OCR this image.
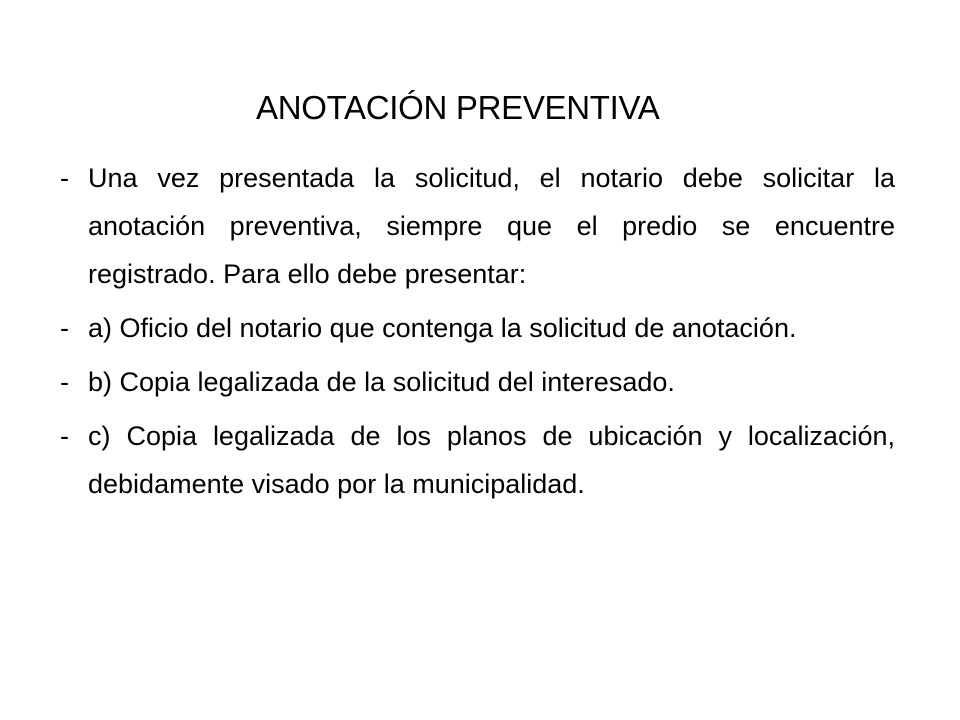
ANOTACIÓN PREVENTIVA
- Una vez presentada la solicitud, el notario debe solicitar la anotación preventiva, siempre que el predio se encuentre registrado. Para ello debe presentar:
- a) Oficio del notario que contenga la solicitud de anotación.
- b) Copia legalizada de la solicitud del interesado.
- c) Copia legalizada de los planos de ubicación y localización, debidamente visado por la municipalidad.
